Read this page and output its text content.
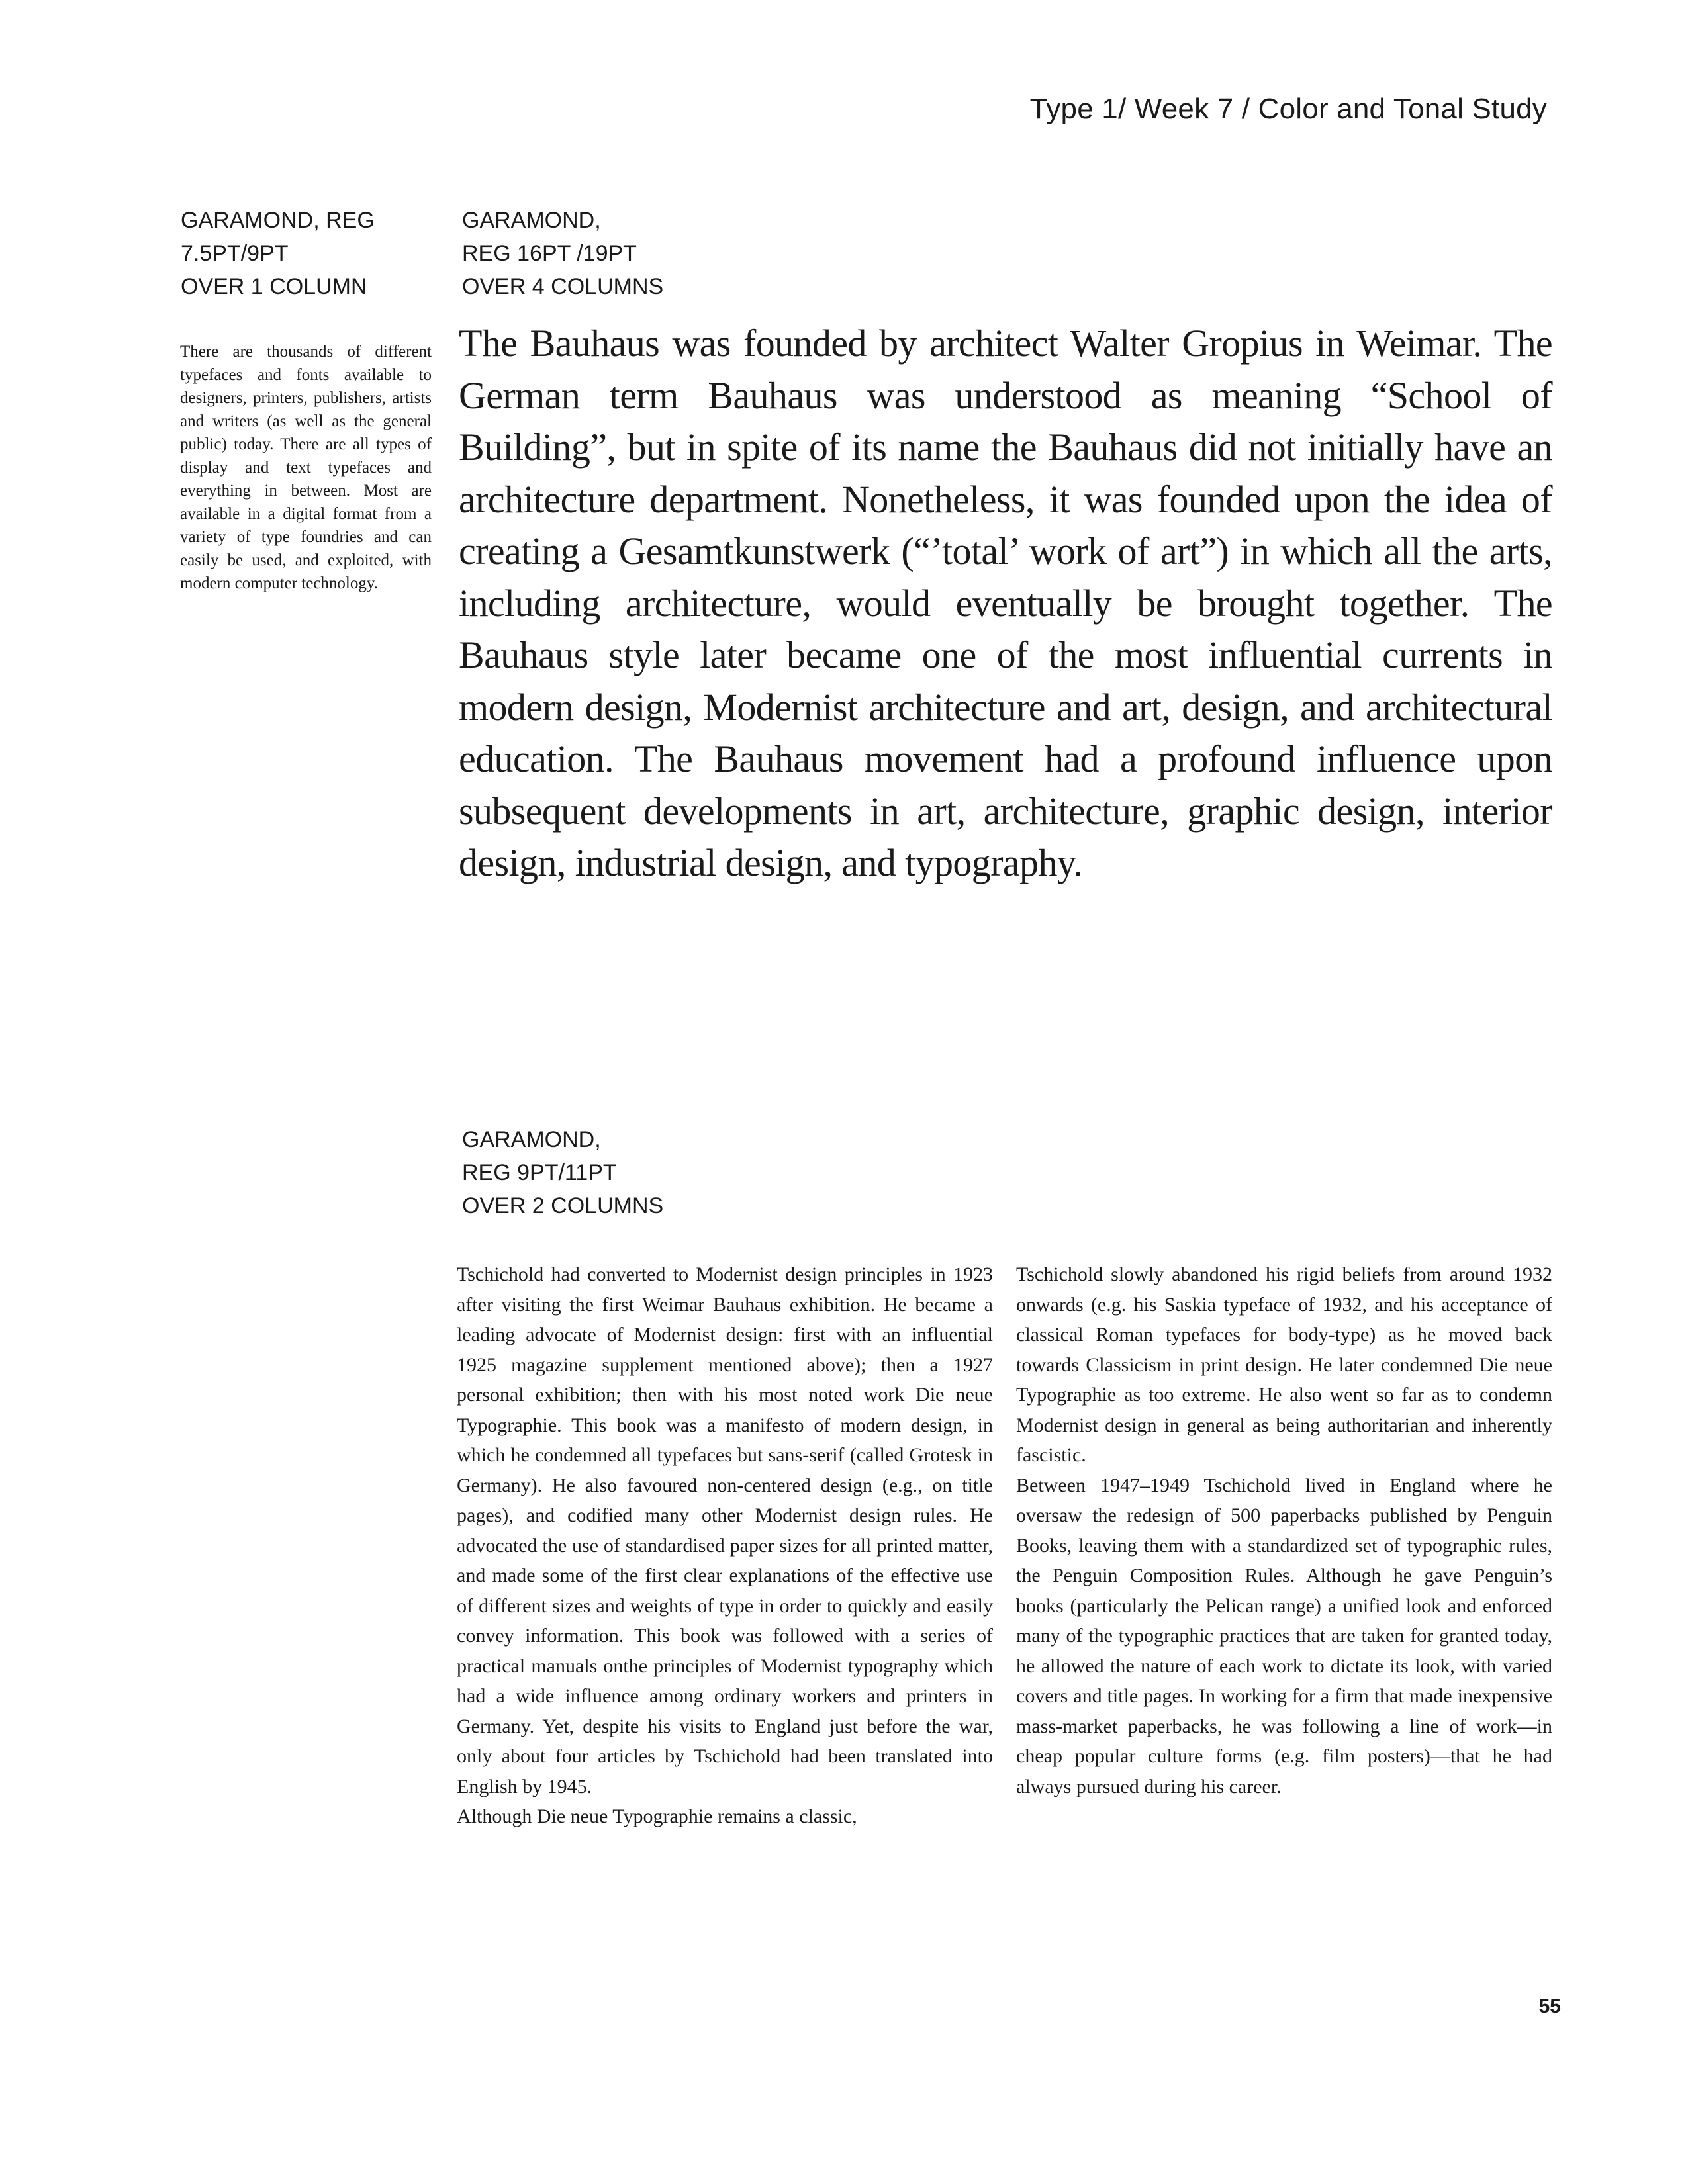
Type 1/ Week 7 / Color and Tonal Study
GARAMOND, REG
7.5PT/9PT
OVER 1 COLUMN
GARAMOND,
REG 16PT /19PT
OVER 4 COLUMNS
There are thousands of different typefaces and fonts available to designers, printers, publishers, artists and writers (as well as the general public) today. There are all types of display and text typefaces and everything in between. Most are available in a digital format from a variety of type foundries and can easily be used, and exploited, with modern computer technology.
The Bauhaus was founded by architect Walter Gropius in Weimar. The German term Bauhaus was understood as meaning “School of Building”, but in spite of its name the Bauhaus did not initially have an architecture department. Nonetheless, it was founded upon the idea of creating a Gesamtkunstwerk (“’total’ work of art”) in which all the arts, including architecture, would eventually be brought together. The Bauhaus style later became one of the most influential currents in modern design, Modernist architecture and art, design, and architectural education. The Bauhaus movement had a profound influence upon subsequent developments in art, architecture, graphic design, interior design, industrial design, and typography.
GARAMOND,
REG 9PT/11PT
OVER 2 COLUMNS

Tschichold had converted to Modernist design principles in 1923 after visiting the first Weimar Bauhaus exhibition. He became a leading advocate of Modernist design: first with an influential 1925 magazine supplement mentioned above); then a 1927 personal exhibition; then with his most noted work Die neue Typographie. This book was a manifesto of modern design, in which he condemned all typefaces but sans-serif (called Grotesk in Germany). He also favoured non-centered design (e.g., on title pages), and codified many other Modernist design rules. He advocated the use of standardised paper sizes for all printed matter, and made some of the first clear explanations of the effective use of different sizes and weights of type in order to quickly and easily convey information. This book was followed with a series of practical manuals onthe principles of Modernist typography which had a wide influence among ordinary workers and printers in Germany. Yet, despite his visits to England just before the war, only about four articles by Tschichold had been translated into English by 1945.

Although Die neue Typographie remains a classic,

Tschichold slowly abandoned his rigid beliefs from around 1932 onwards (e.g. his Saskia typeface of 1932, and his acceptance of classical Roman typefaces for body-type) as he moved back towards Classicism in print design. He later condemned Die neue Typographie as too extreme. He also went so far as to condemn Modernist design in general as being authoritarian and inherently fascistic.

Between 1947–1949 Tschichold lived in England where he oversaw the redesign of 500 paperbacks published by Penguin Books, leaving them with a standardized set of typographic rules, the Penguin Composition Rules. Although he gave Penguin’s books (particularly the Pelican range) a unified look and enforced many of the typographic practices that are taken for granted today, he allowed the nature of each work to dictate its look, with varied covers and title pages. In working for a firm that made inexpensive mass-market paperbacks, he was following a line of work—in cheap popular culture forms (e.g. film posters)—that he had always pursued during his career.

55
